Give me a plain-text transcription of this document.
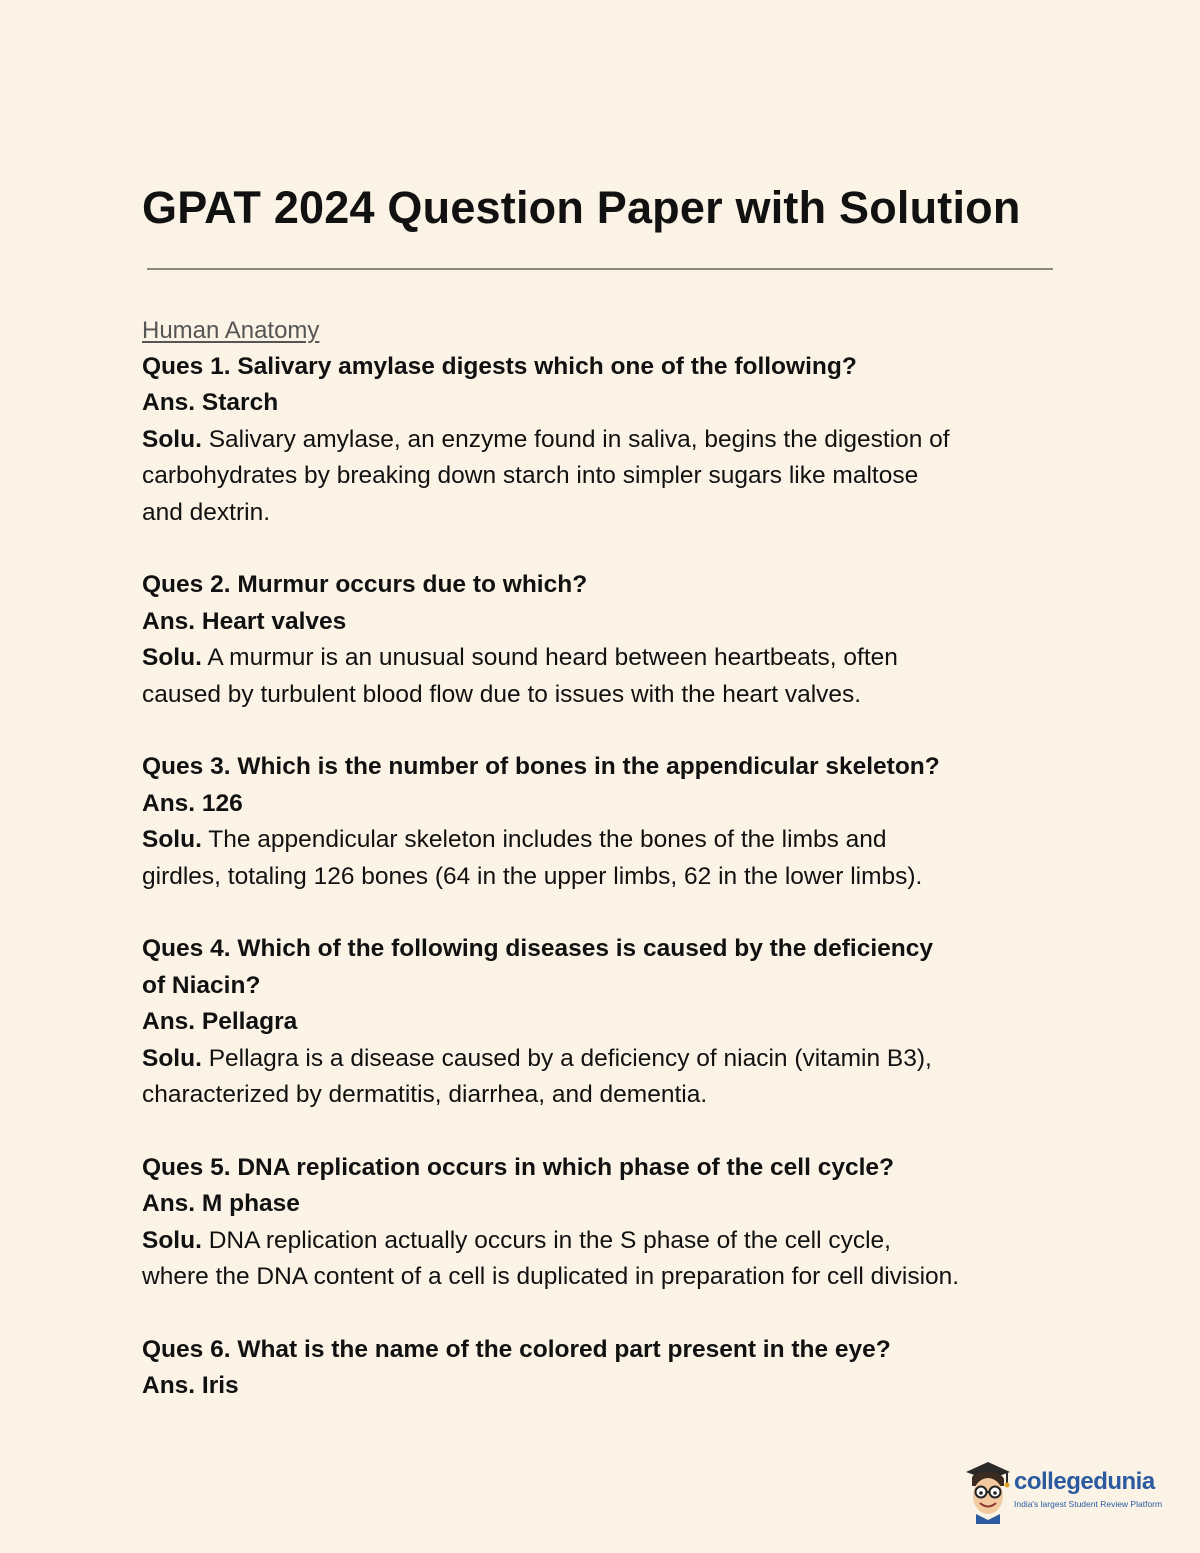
GPAT 2024 Question Paper with Solution
Human Anatomy

Ques 1. Salivary amylase digests which one of the following?

Ans. Starch

Solu. Salivary amylase, an enzyme found in saliva, begins the digestion of

carbohydrates by breaking down starch into simpler sugars like maltose

and dextrin.

Ques 2. Murmur occurs due to which?

Ans. Heart valves

Solu. A murmur is an unusual sound heard between heartbeats, often

caused by turbulent blood flow due to issues with the heart valves.

Ques 3. Which is the number of bones in the appendicular skeleton?

Ans. 126

Solu. The appendicular skeleton includes the bones of the limbs and

girdles, totaling 126 bones (64 in the upper limbs, 62 in the lower limbs).

Ques 4. Which of the following diseases is caused by the deficiency

of Niacin?

Ans. Pellagra

Solu. Pellagra is a disease caused by a deficiency of niacin (vitamin B3),

characterized by dermatitis, diarrhea, and dementia.

Ques 5. DNA replication occurs in which phase of the cell cycle?

Ans. M phase

Solu. DNA replication actually occurs in the S phase of the cell cycle,

where the DNA content of a cell is duplicated in preparation for cell division.

Ques 6. What is the name of the colored part present in the eye?

Ans. Iris

collegedunia
India's largest Student Review Platform
